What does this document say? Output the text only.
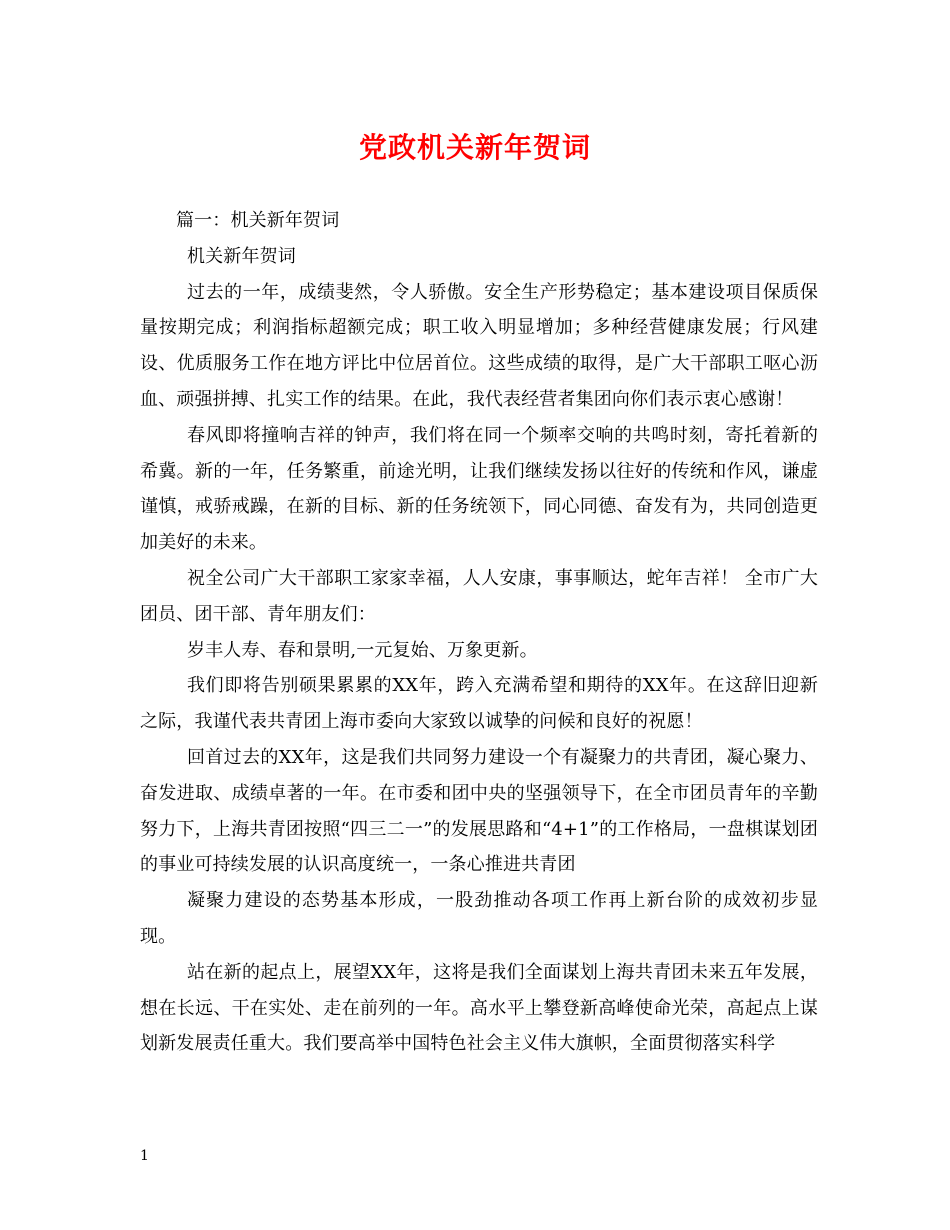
党政机关新年贺词

篇一：机关新年贺词

机关新年贺词

过去的一年，成绩斐然，令人骄傲。安全生产形势稳定；基本建设项目保质保量按期完成；利润指标超额完成；职工收入明显增加；多种经营健康发展；行风建设、优质服务工作在地方评比中位居首位。这些成绩的取得，是广大干部职工呕心沥血、顽强拼搏、扎实工作的结果。在此，我代表经营者集团向你们表示衷心感谢！

春风即将撞响吉祥的钟声，我们将在同一个频率交响的共鸣时刻，寄托着新的希冀。新的一年，任务繁重，前途光明，让我们继续发扬以往好的传统和作风，谦虚谨慎，戒骄戒躁，在新的目标、新的任务统领下，同心同德、奋发有为，共同创造更加美好的未来。

祝全公司广大干部职工家家幸福，人人安康，事事顺达，蛇年吉祥！ 全市广大团员、团干部、青年朋友们：

岁丰人寿、春和景明,一元复始、万象更新。

我们即将告别硕果累累的XX年，跨入充满希望和期待的XX年。在这辞旧迎新之际，我谨代表共青团上海市委向大家致以诚挚的问候和良好的祝愿！

回首过去的XX年，这是我们共同努力建设一个有凝聚力的共青团，凝心聚力、奋发进取、成绩卓著的一年。在市委和团中央的坚强领导下，在全市团员青年的辛勤努力下，上海共青团按照“四三二一”的发展思路和“4+1”的工作格局，一盘棋谋划团的事业可持续发展的认识高度统一，一条心推进共青团

凝聚力建设的态势基本形成，一股劲推动各项工作再上新台阶的成效初步显现。

站在新的起点上，展望XX年，这将是我们全面谋划上海共青团未来五年发展，想在长远、干在实处、走在前列的一年。高水平上攀登新高峰使命光荣，高起点上谋划新发展责任重大。我们要高举中国特色社会主义伟大旗帜，全面贯彻落实科学

1
